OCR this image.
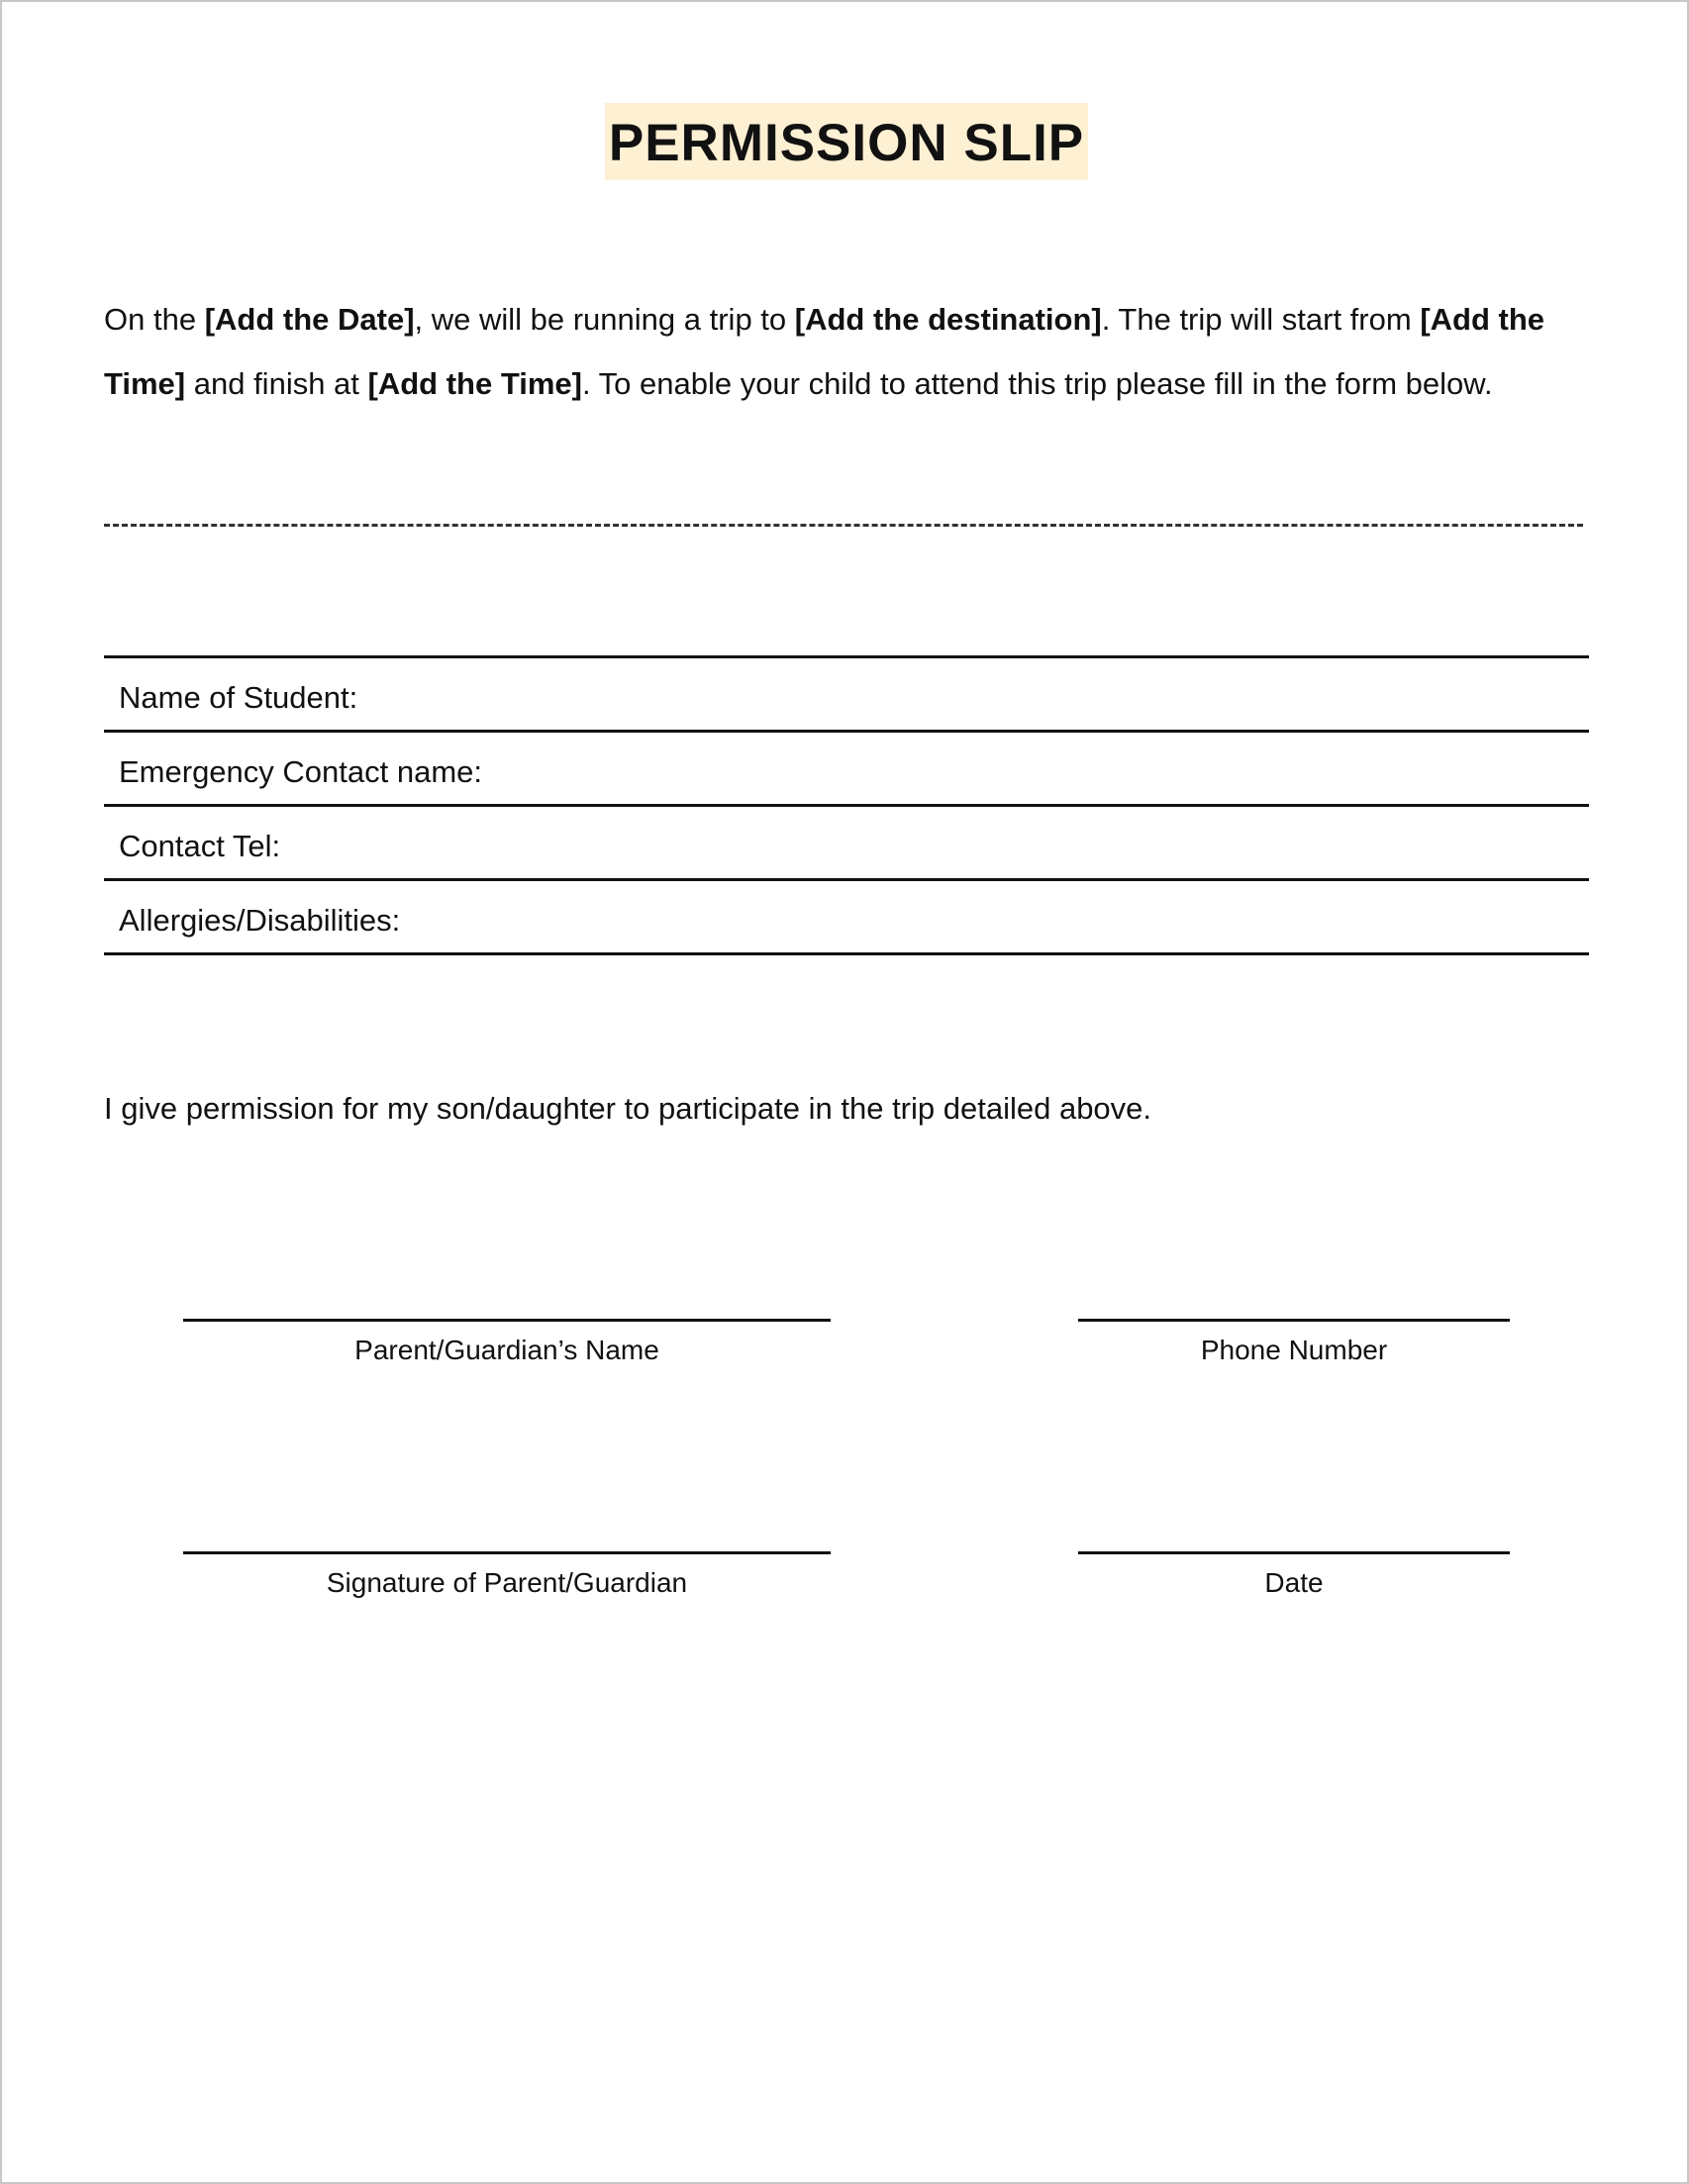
PERMISSION SLIP
On the [Add the Date], we will be running a trip to [Add the destination]. The trip will start from [Add the Time] and finish at [Add the Time]. To enable your child to attend this trip please fill in the form below.
Name of Student:
Emergency Contact name:
Contact Tel:
Allergies/Disabilities:
I give permission for my son/daughter to participate in the trip detailed above.
Parent/Guardian’s Name	Phone Number
Signature of Parent/Guardian	Date
